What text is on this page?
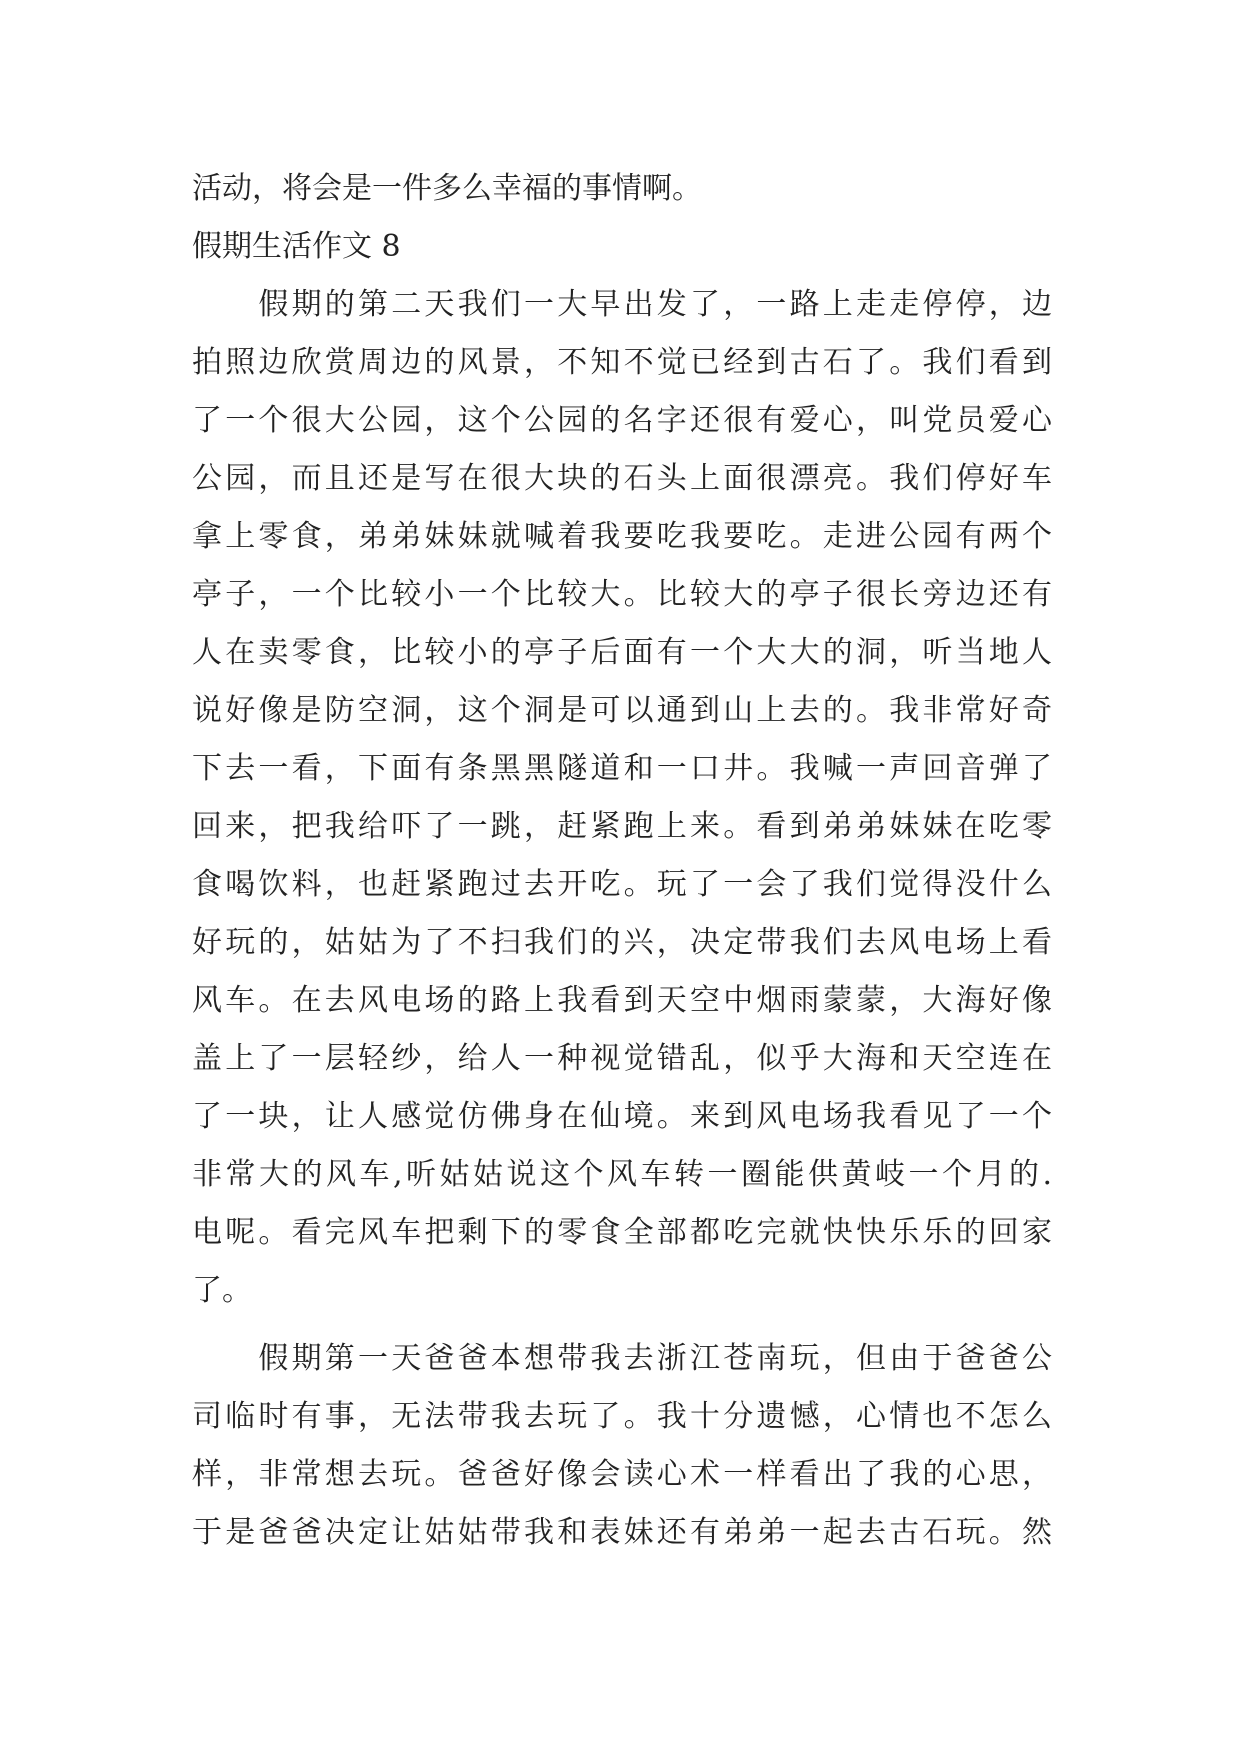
活动，将会是一件多么幸福的事情啊。
假期生活作文 8
　　假期的第二天我们一大早出发了，一路上走走停停，边
拍照边欣赏周边的风景，不知不觉已经到古石了。我们看到
了一个很大公园，这个公园的名字还很有爱心，叫党员爱心
公园，而且还是写在很大块的石头上面很漂亮。我们停好车
拿上零食，弟弟妹妹就喊着我要吃我要吃。走进公园有两个
亭子，一个比较小一个比较大。比较大的亭子很长旁边还有
人在卖零食，比较小的亭子后面有一个大大的洞，听当地人
说好像是防空洞，这个洞是可以通到山上去的。我非常好奇
下去一看，下面有条黑黑隧道和一口井。我喊一声回音弹了
回来，把我给吓了一跳，赶紧跑上来。看到弟弟妹妹在吃零
食喝饮料，也赶紧跑过去开吃。玩了一会了我们觉得没什么
好玩的，姑姑为了不扫我们的兴，决定带我们去风电场上看
风车。在去风电场的路上我看到天空中烟雨蒙蒙，大海好像
盖上了一层轻纱，给人一种视觉错乱，似乎大海和天空连在
了一块，让人感觉仿佛身在仙境。来到风电场我看见了一个
非常大的风车,听姑姑说这个风车转一圈能供黄岐一个月的.
电呢。看完风车把剩下的零食全部都吃完就快快乐乐的回家
了。
　　假期第一天爸爸本想带我去浙江苍南玩，但由于爸爸公
司临时有事，无法带我去玩了。我十分遗憾，心情也不怎么
样，非常想去玩。爸爸好像会读心术一样看出了我的心思，
于是爸爸决定让姑姑带我和表妹还有弟弟一起去古石玩。然
